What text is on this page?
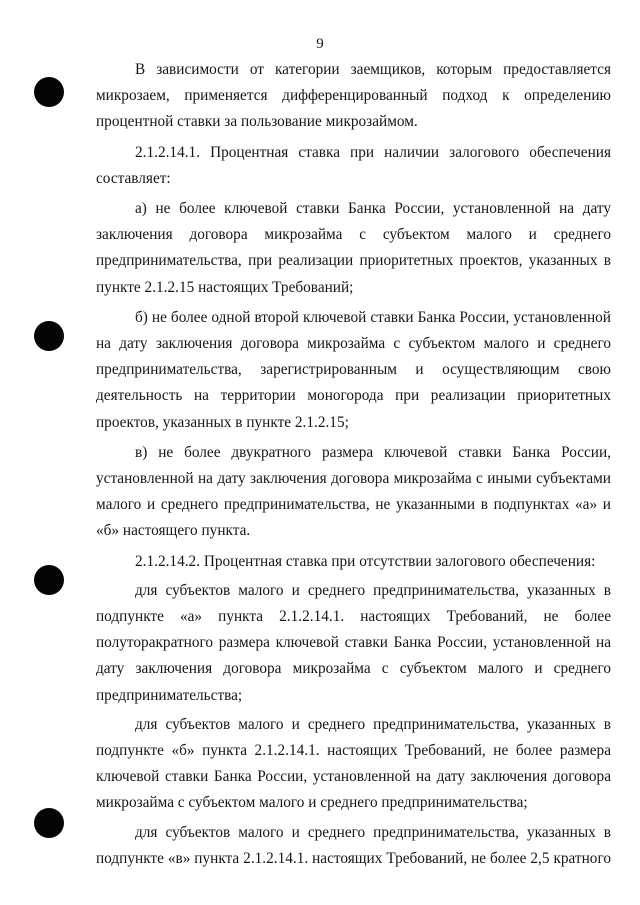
9

В зависимости от категории заемщиков, которым предоставляется микрозаем, применяется дифференцированный подход к определению процентной ставки за пользование микрозаймом.

2.1.2.14.1. Процентная ставка при наличии залогового обеспечения составляет:

а) не более ключевой ставки Банка России, установленной на дату заключения договора микрозайма с субъектом малого и среднего предпринимательства, при реализации приоритетных проектов, указанных в пункте 2.1.2.15 настоящих Требований;

б) не более одной второй ключевой ставки Банка России, установленной на дату заключения договора микрозайма с субъектом малого и среднего предпринимательства, зарегистрированным и осуществляющим свою деятельность на территории моногорода при реализации приоритетных проектов, указанных в пункте 2.1.2.15;

в) не более двукратного размера ключевой ставки Банка России, установленной на дату заключения договора микрозайма с иными субъектами малого и среднего предпринимательства, не указанными в подпунктах «а» и «б» настоящего пункта.

2.1.2.14.2. Процентная ставка при отсутствии залогового обеспечения:

для субъектов малого и среднего предпринимательства, указанных в подпункте «а» пункта 2.1.2.14.1. настоящих Требований, не более полуторакратного размера ключевой ставки Банка России, установленной на дату заключения договора микрозайма с субъектом малого и среднего предпринимательства;

для субъектов малого и среднего предпринимательства, указанных в подпункте «б» пункта 2.1.2.14.1. настоящих Требований, не более размера ключевой ставки Банка России, установленной на дату заключения договора микрозайма с субъектом малого и среднего предпринимательства;

для субъектов малого и среднего предпринимательства, указанных в подпункте «в» пункта 2.1.2.14.1. настоящих Требований, не более 2,5 кратного
